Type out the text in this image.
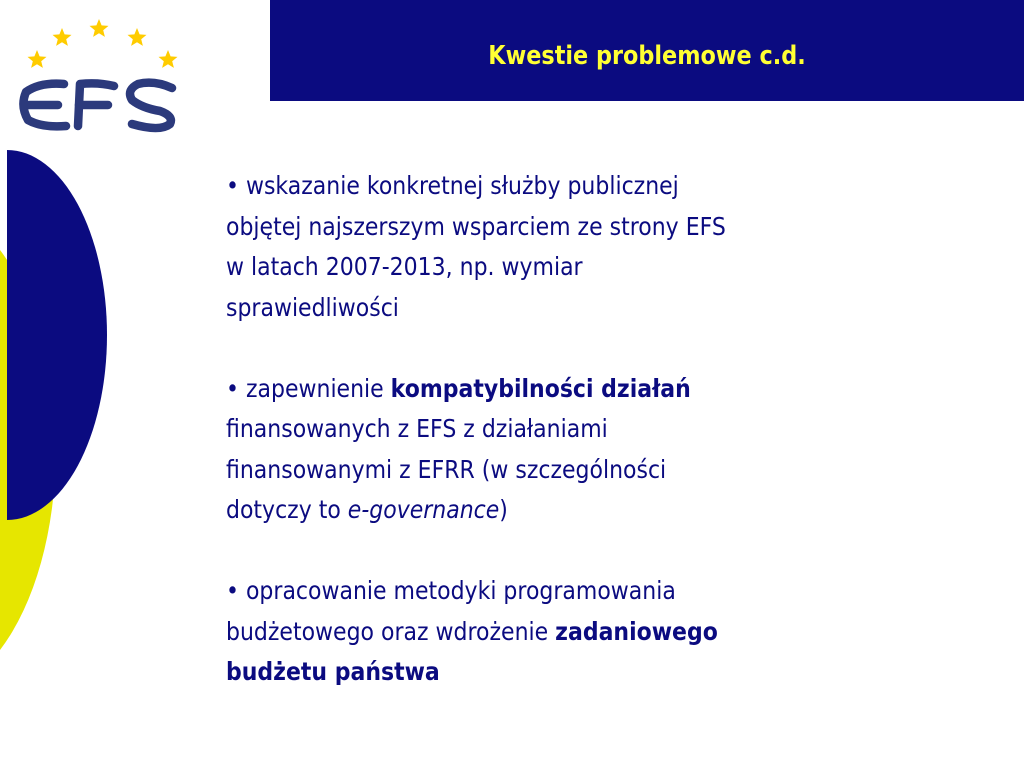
Kwestie problemowe c.d.

• wskazanie konkretnej służby publicznej
objętej najszerszym wsparciem ze strony EFS
w latach 2007-2013, np. wymiar
sprawiedliwości

• zapewnienie kompatybilności działań
finansowanych z EFS z działaniami
finansowanymi z EFRR (w szczególności
dotyczy to e-governance)

• opracowanie metodyki programowania
budżetowego oraz wdrożenie zadaniowego
budżetu państwa
